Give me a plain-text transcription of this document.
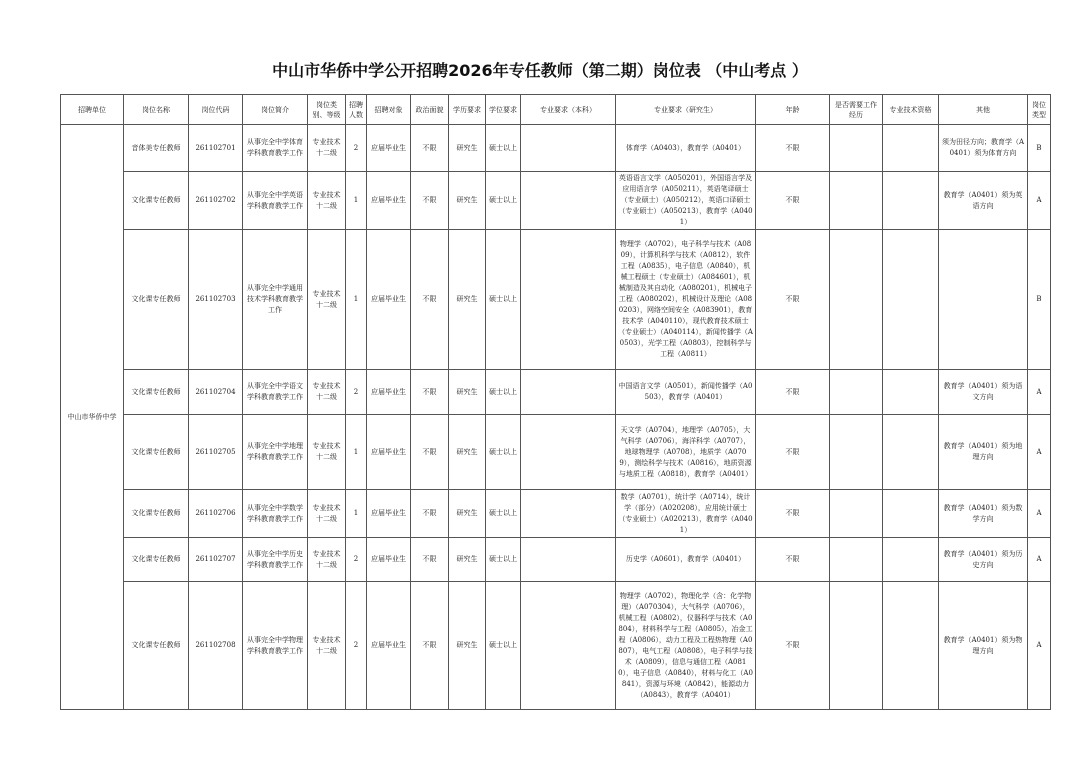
中山市华侨中学公开招聘2026年专任教师（第二期）岗位表 （中山考点 ）
招聘单位	岗位名称	岗位代码	岗位简介	岗位类别、等级	招聘人数	招聘对象	政治面貌	学历要求	学位要求	专业要求（本科）	专业要求（研究生）	年龄	是否需要工作经历	专业技术资格	其他	岗位类型
中山市华侨中学	音体美专任教师	261102701	从事完全中学体育学科教育教学工作	专业技术十二级	2	应届毕业生	不限	研究生	硕士以上		体育学（A0403），教育学（A0401）	不限			须为田径方向；教育学（A0401）须为体育方向	B
	文化课专任教师	261102702	从事完全中学英语学科教育教学工作	专业技术十二级	1	应届毕业生	不限	研究生	硕士以上		英语语言文学（A050201），外国语言学及应用语言学（A050211），英语笔译硕士（专业硕士）（A050212），英语口译硕士（专业硕士）（A050213），教育学（A0401）	不限			教育学（A0401）须为英语方向	A
	文化课专任教师	261102703	从事完全中学通用技术学科教育教学工作	专业技术十二级	1	应届毕业生	不限	研究生	硕士以上		物理学（A0702），电子科学与技术（A0809），计算机科学与技术（A0812），软件工程（A0835），电子信息（A0840），机械工程硕士（专业硕士）（A084601），机械制造及其自动化（A080201），机械电子工程（A080202），机械设计及理论（A080203），网络空间安全（A083901），教育技术学（A040110），现代教育技术硕士（专业硕士）（A040114），新闻传播学（A0503），光学工程（A0803），控制科学与工程（A0811）	不限				B
	文化课专任教师	261102704	从事完全中学语文学科教育教学工作	专业技术十二级	2	应届毕业生	不限	研究生	硕士以上		中国语言文学（A0501），新闻传播学（A0503），教育学（A0401）	不限			教育学（A0401）须为语文方向	A
	文化课专任教师	261102705	从事完全中学地理学科教育教学工作	专业技术十二级	1	应届毕业生	不限	研究生	硕士以上		天文学（A0704），地理学（A0705），大气科学（A0706），海洋科学（A0707），地球物理学（A0708），地质学（A0709），测绘科学与技术（A0816），地质资源与地质工程（A0818），教育学（A0401）	不限			教育学（A0401）须为地理方向	A
	文化课专任教师	261102706	从事完全中学数学学科教育教学工作	专业技术十二级	1	应届毕业生	不限	研究生	硕士以上		数学（A0701），统计学（A0714），统计学（部分）（A020208），应用统计硕士（专业硕士）（A020213），教育学（A0401）	不限			教育学（A0401）须为数学方向	A
	文化课专任教师	261102707	从事完全中学历史学科教育教学工作	专业技术十二级	2	应届毕业生	不限	研究生	硕士以上		历史学（A0601），教育学（A0401）	不限			教育学（A0401）须为历史方向	A
	文化课专任教师	261102708	从事完全中学物理学科教育教学工作	专业技术十二级	2	应届毕业生	不限	研究生	硕士以上		物理学（A0702），物理化学（含：化学物理）（A070304），大气科学（A0706），机械工程（A0802），仪器科学与技术（A0804），材料科学与工程（A0805），冶金工程（A0806），动力工程及工程热物理（A0807），电气工程（A0808），电子科学与技术（A0809），信息与通信工程（A0810），电子信息（A0840），材料与化工（A0841），资源与环境（A0842），能源动力（A0843），教育学（A0401）	不限			教育学（A0401）须为物理方向	A
